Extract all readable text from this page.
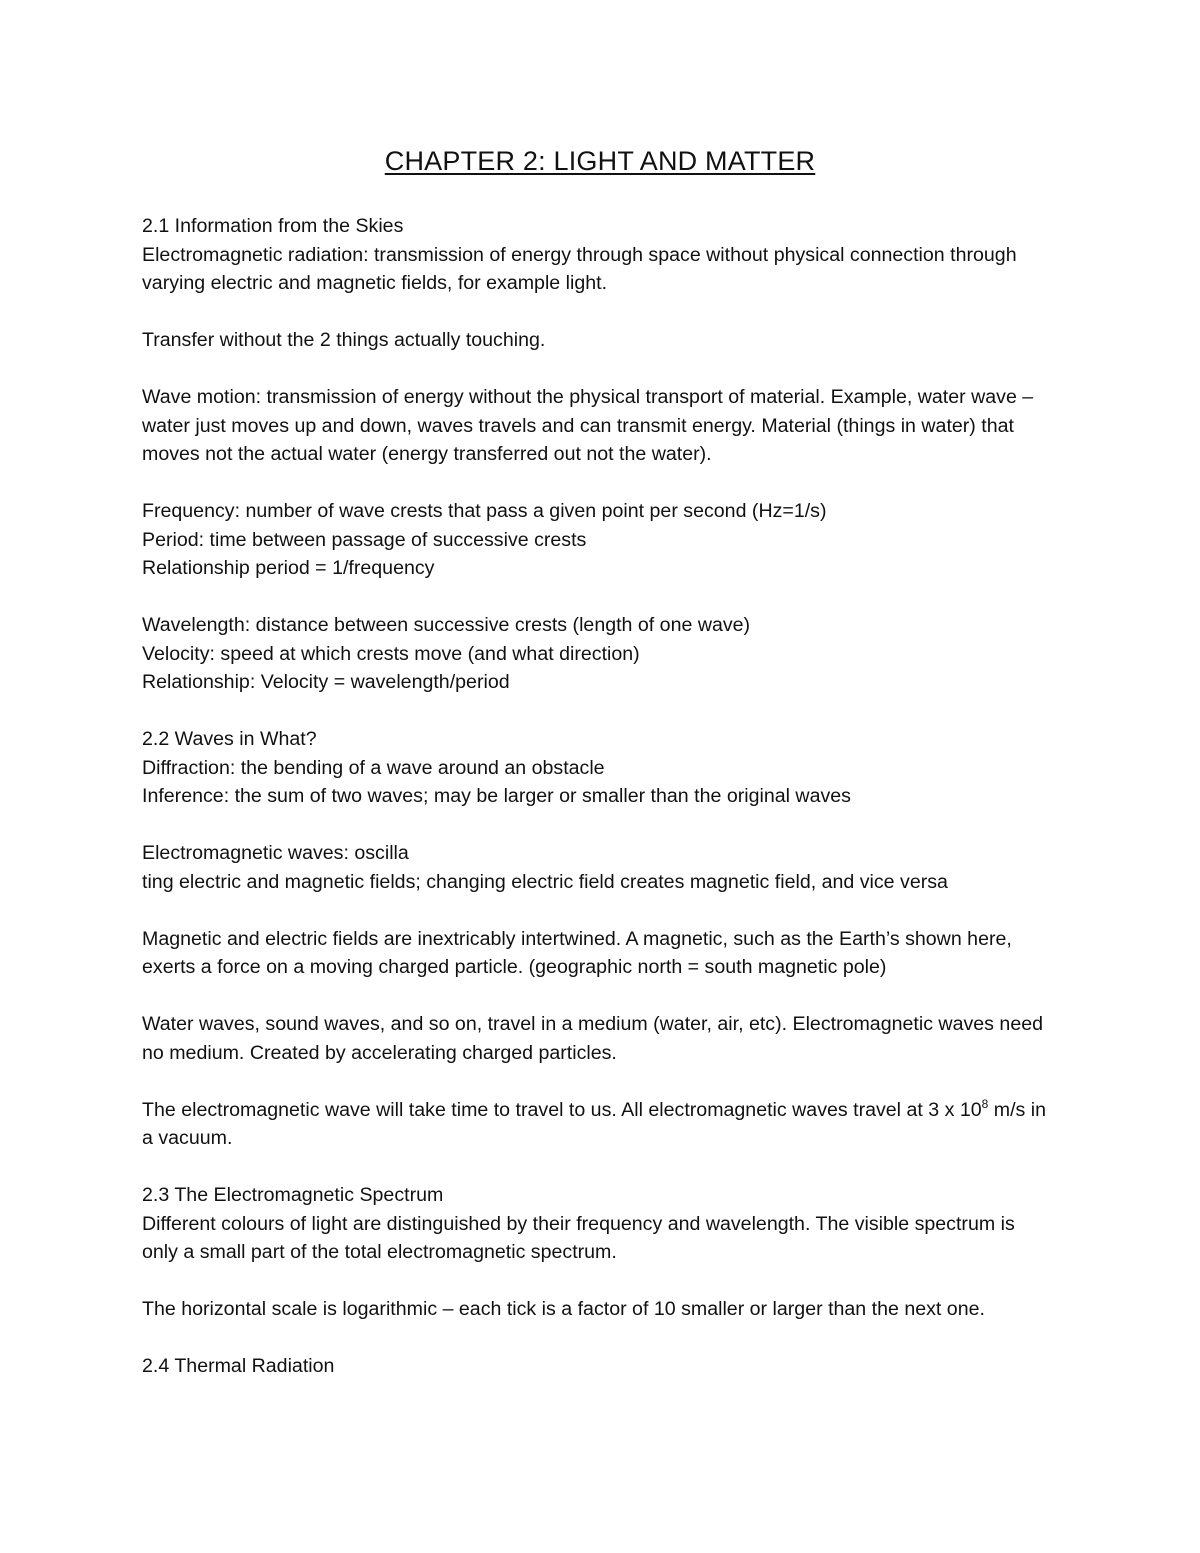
CHAPTER 2: LIGHT AND MATTER

2.1 Information from the Skies
Electromagnetic radiation: transmission of energy through space without physical connection through
varying electric and magnetic fields, for example light.

Transfer without the 2 things actually touching.

Wave motion: transmission of energy without the physical transport of material. Example, water wave –
water just moves up and down, waves travels and can transmit energy. Material (things in water) that
moves not the actual water (energy transferred out not the water).

Frequency: number of wave crests that pass a given point per second (Hz=1/s)
Period: time between passage of successive crests
Relationship period = 1/frequency

Wavelength: distance between successive crests (length of one wave)
Velocity: speed at which crests move (and what direction)
Relationship: Velocity = wavelength/period

2.2 Waves in What?
Diffraction: the bending of a wave around an obstacle
Inference: the sum of two waves; may be larger or smaller than the original waves

Electromagnetic waves: oscilla
ting electric and magnetic fields; changing electric field creates magnetic field, and vice versa

Magnetic and electric fields are inextricably intertwined. A magnetic, such as the Earth’s shown here,
exerts a force on a moving charged particle. (geographic north = south magnetic pole)

Water waves, sound waves, and so on, travel in a medium (water, air, etc). Electromagnetic waves need
no medium. Created by accelerating charged particles.

The electromagnetic wave will take time to travel to us. All electromagnetic waves travel at 3 x $10^8$ m/s in
a vacuum.

2.3 The Electromagnetic Spectrum
Different colours of light are distinguished by their frequency and wavelength. The visible spectrum is
only a small part of the total electromagnetic spectrum.

The horizontal scale is logarithmic – each tick is a factor of 10 smaller or larger than the next one.

2.4 Thermal Radiation
